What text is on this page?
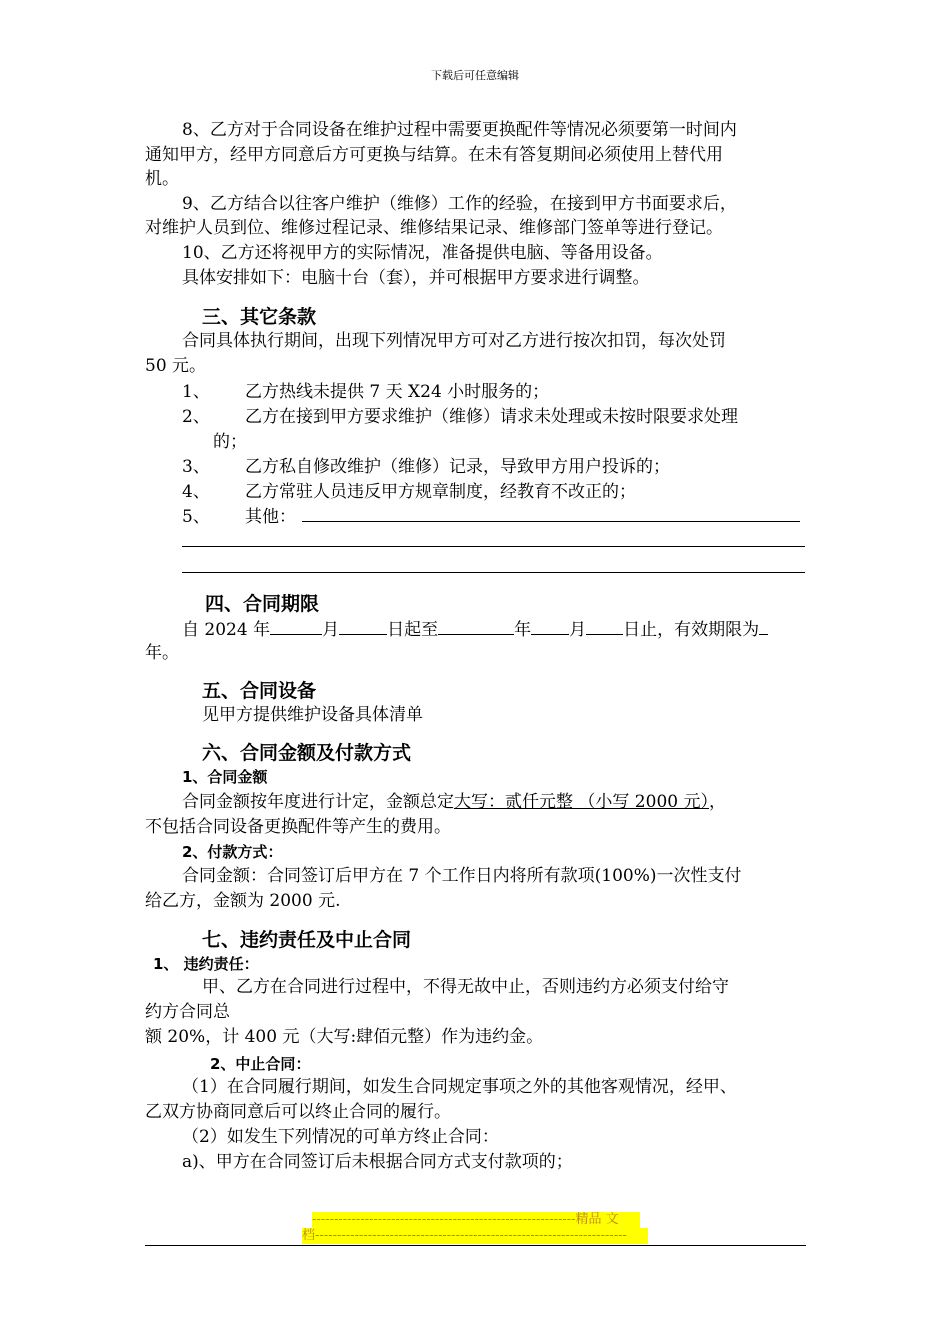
下载后可任意编辑
8、乙方对于合同设备在维护过程中需要更换配件等情况必须要第一时间内
通知甲方，经甲方同意后方可更换与结算。在未有答复期间必须使用上替代用
机。
9、乙方结合以往客户维护（维修）工作的经验，在接到甲方书面要求后，
对维护人员到位、维修过程记录、维修结果记录、维修部门签单等进行登记。
10、乙方还将视甲方的实际情况，准备提供电脑、等备用设备。
具体安排如下：电脑十台（套），并可根据甲方要求进行调整。
三、其它条款
合同具体执行期间，出现下列情况甲方可对乙方进行按次扣罚，每次处罚
50 元。
1、 乙方热线未提供 7 天 X24 小时服务的；
2、 乙方在接到甲方要求维护（维修）请求未处理或未按时限要求处理
的；
3、 乙方私自修改维护（维修）记录，导致甲方用户投诉的；
4、 乙方常驻人员违反甲方规章制度，经教育不改正的；
5、 其他：
四、合同期限
自 2024 年	月	日起至	年 月 日止，有效期限为
年。
五、合同设备
见甲方提供维护设备具体清单
六、合同金额及付款方式
1、合同金额
合同金额按年度进行计定，金额总定大写：贰仟元整 （小写 2000 元），
不包括合同设备更换配件等产生的费用。
2、付款方式：
合同金额：合同签订后甲方在 7 个工作日内将所有款项(100%)一次性支付
给乙方，金额为 2000 元.
七、违约责任及中止合同
1、 违约责任：
甲、乙方在合同进行过程中，不得无故中止，否则违约方必须支付给守
约方合同总
额 20%，计 400 元（大写:肆佰元整）作为违约金。
2、中止合同：
（1）在合同履行期间，如发生合同规定事项之外的其他客观情况，经甲、
乙双方协商同意后可以终止合同的履行。
（2）如发生下列情况的可单方终止合同：
a)、甲方在合同签订后未根据合同方式支付款项的；
------------------------------------------------------------精品 文
档-----------------------------------------------------------------------
